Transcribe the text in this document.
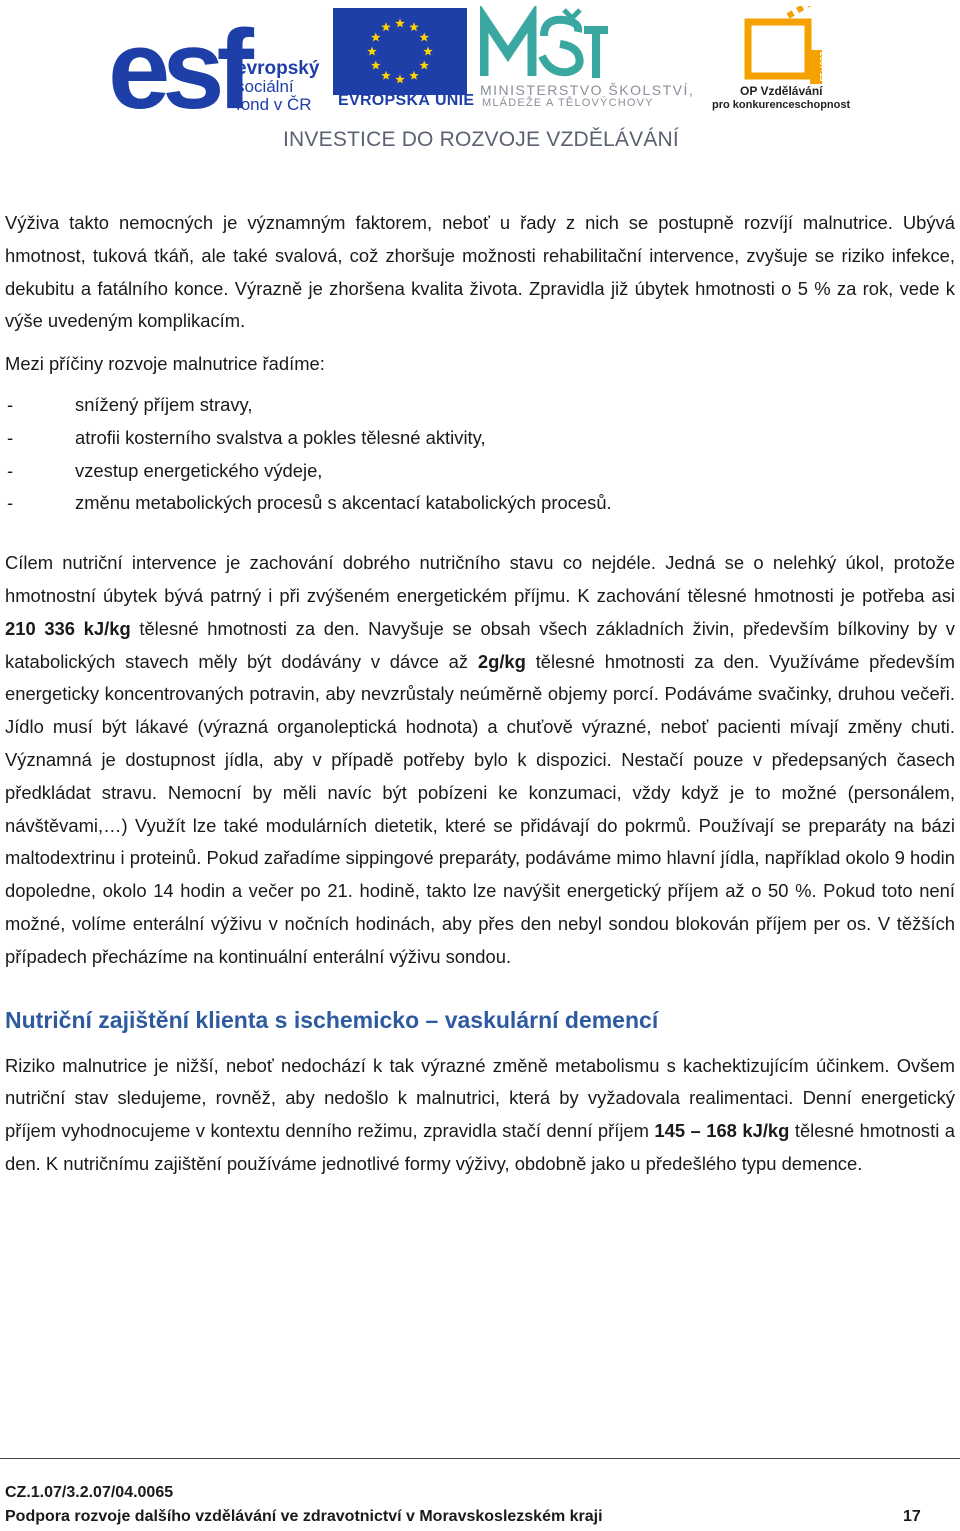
esf
evropský
sociální
fond v ČR EVROPSKÁ UNIE
MINISTERSTVO ŠKOLSTVÍ,
MLÁDEŽE A TĚLOVÝCHOVY
2007-13
OP Vzdělávání
pro konkurenceschopnost
INVESTICE DO ROZVOJE VZDĚLÁVÁNÍ

Výživa takto nemocných je významným faktorem, neboť u řady z nich se postupně rozvíjí malnutrice. Ubývá hmotnost, tuková tkáň, ale také svalová, což zhoršuje možnosti rehabilitační intervence, zvyšuje se riziko infekce, dekubitu a fatálního konce. Výrazně je zhoršena kvalita života. Zpravidla již úbytek hmotnosti o 5 % za rok, vede k výše uvedeným komplikacím.

Mezi příčiny rozvoje malnutrice řadíme:

-	snížený příjem stravy,
-	atrofii kosterního svalstva a pokles tělesné aktivity,
-	vzestup energetického výdeje,
-	změnu metabolických procesů s akcentací katabolických procesů.

Cílem nutriční intervence je zachování dobrého nutričního stavu co nejdéle. Jedná se o nelehký úkol, protože hmotnostní úbytek bývá patrný i při zvýšeném energetickém příjmu. K zachování tělesné hmotnosti je potřeba asi 210 336 kJ/kg tělesné hmotnosti za den. Navyšuje se obsah všech základních živin, především bílkoviny by v katabolických stavech měly být dodávány v dávce až 2g/kg tělesné hmotnosti za den. Využíváme především energeticky koncentrovaných potravin, aby nevzrůstaly neúměrně objemy porcí. Podáváme svačinky, druhou večeři. Jídlo musí být lákavé (výrazná organoleptická hodnota) a chuťově výrazné, neboť pacienti mívají změny chuti. Významná je dostupnost jídla, aby v případě potřeby bylo k dispozici. Nestačí pouze v předepsaných časech předkládat stravu. Nemocní by měli navíc být pobízeni ke konzumaci, vždy když je to možné (personálem, návštěvami,…) Využít lze také modulárních dietetik, které se přidávají do pokrmů. Používají se preparáty na bázi maltodextrinu i proteinů. Pokud zařadíme sippingové preparáty, podáváme mimo hlavní jídla, například okolo 9 hodin dopoledne, okolo 14 hodin a večer po 21. hodině, takto lze navýšit energetický příjem až o 50 %. Pokud toto není možné, volíme enterální výživu v nočních hodinách, aby přes den nebyl sondou blokován příjem per os. V těžších případech přecházíme na kontinuální enterální výživu sondou.

Nutriční zajištění klienta s ischemicko – vaskulární demencí

Riziko malnutrice je nižší, neboť nedochází k tak výrazné změně metabolismu s kachektizujícím účinkem. Ovšem nutriční stav sledujeme, rovněž, aby nedošlo k malnutrici, která by vyžadovala realimentaci. Denní energetický příjem vyhodnocujeme v kontextu denního režimu, zpravidla stačí denní příjem 145 – 168 kJ/kg tělesné hmotnosti a den. K nutričnímu zajištění používáme jednotlivé formy výživy, obdobně jako u předešlého typu demence.

CZ.1.07/3.2.07/04.0065
Podpora rozvoje dalšího vzdělávání ve zdravotnictví v Moravskoslezském kraji	17
